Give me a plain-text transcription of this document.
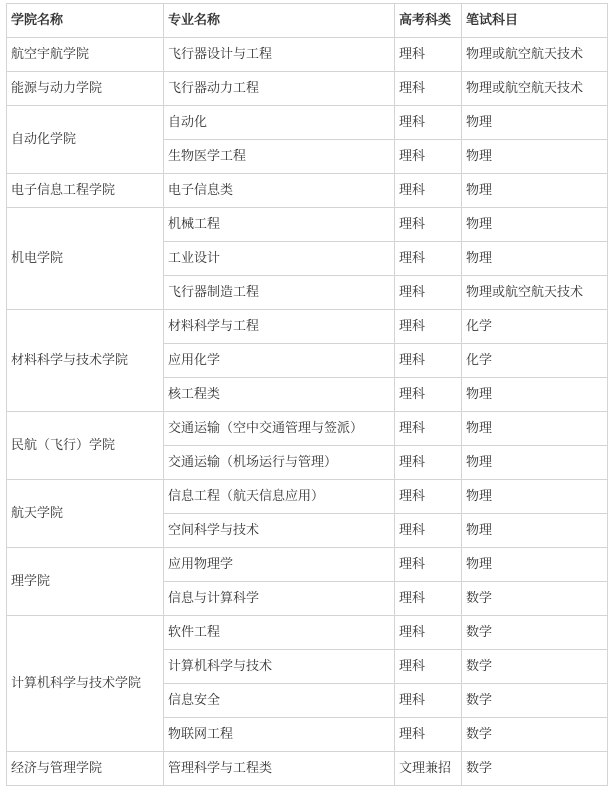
学院名称	专业名称	高考科类	笔试科目
航空宇航学院	飞行器设计与工程	理科	物理或航空航天技术
能源与动力学院	飞行器动力工程	理科	物理或航空航天技术
自动化学院	自动化	理科	物理
	生物医学工程	理科	物理
电子信息工程学院	电子信息类	理科	物理
机电学院	机械工程	理科	物理
	工业设计	理科	物理
	飞行器制造工程	理科	物理或航空航天技术
材料科学与技术学院	材料科学与工程	理科	化学
	应用化学	理科	化学
	核工程类	理科	物理
民航（飞行）学院	交通运输（空中交通管理与签派）	理科	物理
	交通运输（机场运行与管理）	理科	物理
航天学院	信息工程（航天信息应用）	理科	物理
	空间科学与技术	理科	物理
理学院	应用物理学	理科	物理
	信息与计算科学	理科	数学
计算机科学与技术学院	软件工程	理科	数学
	计算机科学与技术	理科	数学
	信息安全	理科	数学
	物联网工程	理科	数学
经济与管理学院	管理科学与工程类	文理兼招	数学
